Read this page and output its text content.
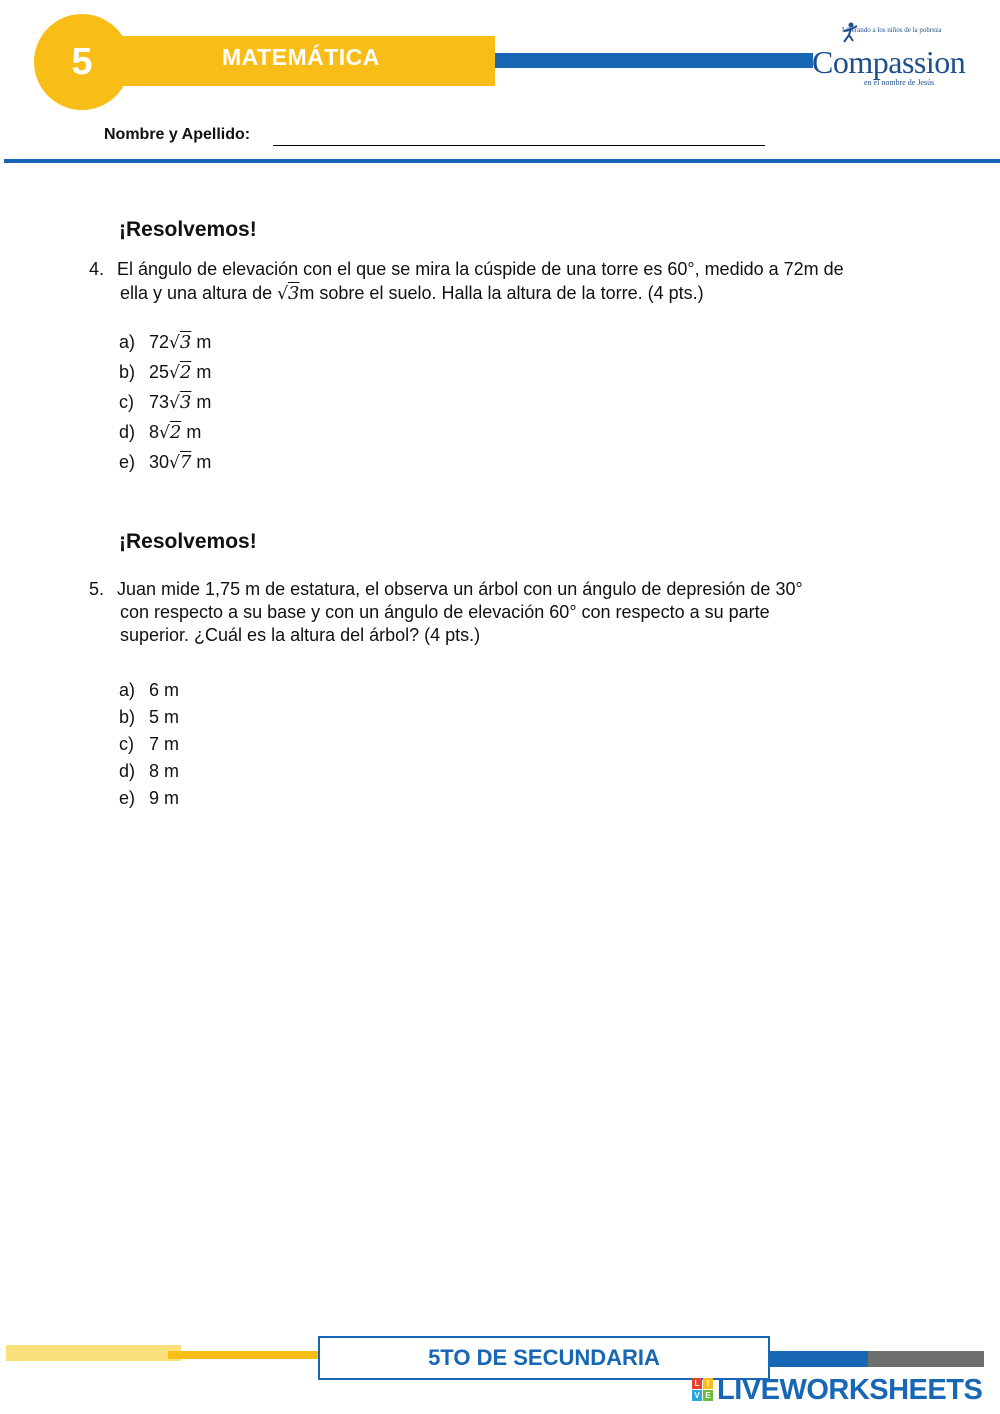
5	MATEMÁTICA
Liberando a los niños de la pobreza
Compassion
en el nombre de Jesús
Nombre y Apellido:
¡Resolvemos!
4. El ángulo de elevación con el que se mira la cúspide de una torre es 60°, medido a 72m de
ella y una altura de √3m sobre el suelo. Halla la altura de la torre. (4 pts.)
a) 72√3 m
b) 25√2 m
c) 73√3 m
d) 8√2 m
e) 30√7 m
¡Resolvemos!
5. Juan mide 1,75 m de estatura, el observa un árbol con un ángulo de depresión de 30°
con respecto a su base y con un ángulo de elevación 60° con respecto a su parte
superior. ¿Cuál es la altura del árbol? (4 pts.)
a) 6 m
b) 5 m
c) 7 m
d) 8 m
e) 9 m
5TO DE SECUNDARIA
L I
V E LIVEWORKSHEETS
